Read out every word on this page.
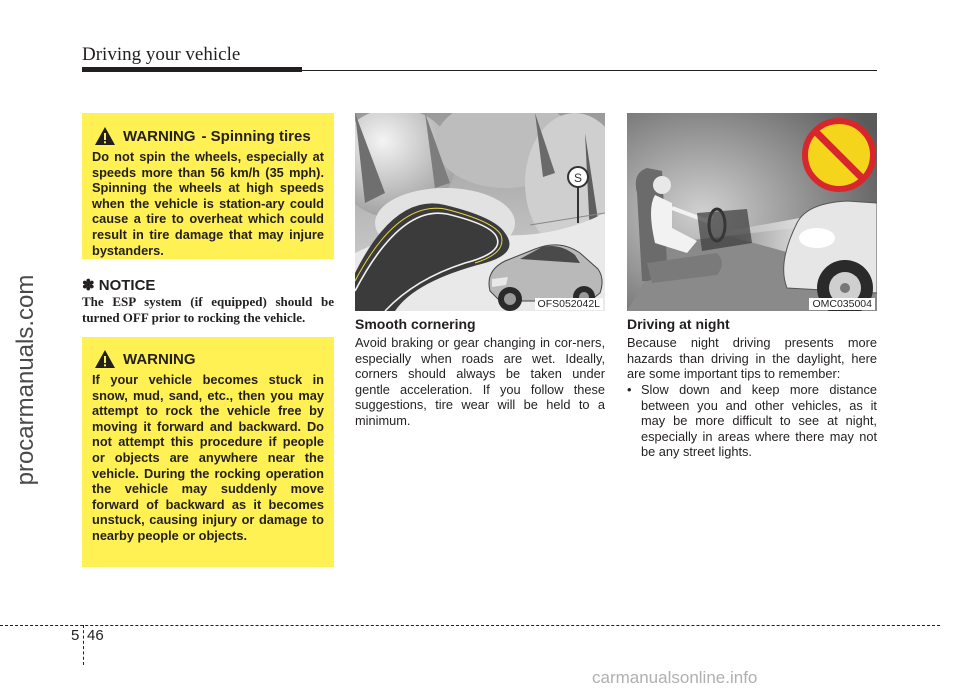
Driving your vehicle
procarmanuals.com
WARNING - Spinning tires
Do not spin the wheels, especially at speeds more than 56 km/h (35 mph). Spinning the wheels at high speeds when the vehicle is station-ary could cause a tire to overheat which could result in tire damage that may injure bystanders.
✽ NOTICE
The ESP system (if equipped) should be turned OFF prior to rocking the vehicle.
WARNING
If your vehicle becomes stuck in snow, mud, sand, etc., then you may attempt to rock the vehicle free by moving it forward and backward. Do not attempt this procedure if people or objects are anywhere near the vehicle. During the rocking operation the vehicle may suddenly move forward of backward as it becomes unstuck, causing injury or damage to nearby people or objects.
S
OFS052042L	OMC035004
Smooth cornering
Avoid braking or gear changing in cor-ners, especially when roads are wet. Ideally, corners should always be taken under gentle acceleration. If you follow these suggestions, tire wear will be held to a minimum.
Driving at night
Because night driving presents more hazards than driving in the daylight, here are some important tips to remember:
• Slow down and keep more distance between you and other vehicles, as it may be more difficult to see at night, especially in areas where there may not be any street lights.
5 46
carmanualsonline.info
